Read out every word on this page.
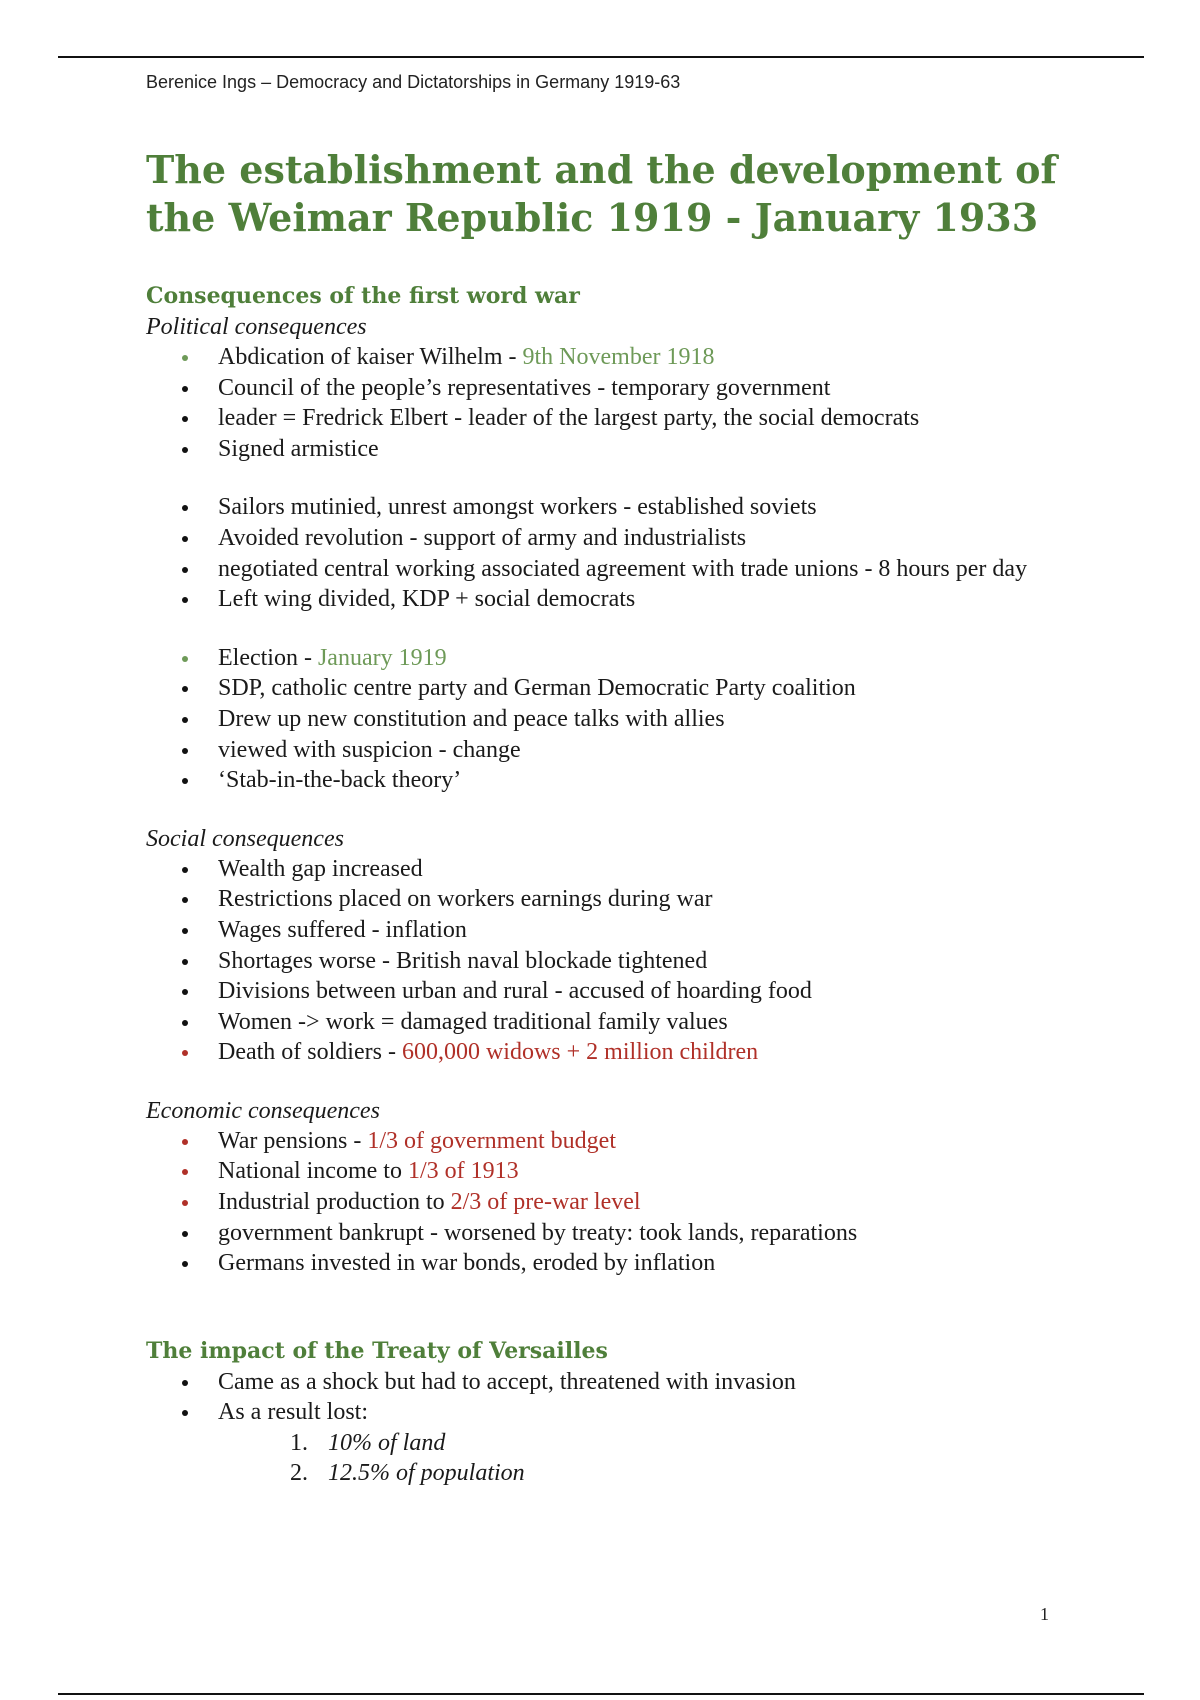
Berenice Ings – Democracy and Dictatorships in Germany 1919-63
The establishment and the development of the Weimar Republic 1919 - January 1933
Consequences of the first word war
Political consequences
Abdication of kaiser Wilhelm - 9th November 1918
Council of the people’s representatives - temporary government
leader = Fredrick Elbert - leader of the largest party, the social democrats
Signed armistice
Sailors mutinied, unrest amongst workers - established soviets
Avoided revolution - support of army and industrialists
negotiated central working associated agreement with trade unions - 8 hours per day
Left wing divided, KDP + social democrats
Election - January 1919
SDP, catholic centre party and German Democratic Party coalition
Drew up new constitution and peace talks with allies
viewed with suspicion - change
‘Stab-in-the-back theory’
Social consequences
Wealth gap increased
Restrictions placed on workers earnings during war
Wages suffered - inflation
Shortages worse - British naval blockade tightened
Divisions between urban and rural - accused of hoarding food
Women -> work = damaged traditional family values
Death of soldiers - 600,000 widows + 2 million children
Economic consequences
War pensions - 1/3 of government budget
National income to 1/3 of 1913
Industrial production to 2/3 of pre-war level
government bankrupt - worsened by treaty: took lands, reparations
Germans invested in war bonds, eroded by inflation
The impact of the Treaty of Versailles
Came as a shock but had to accept, threatened with invasion
As a result lost:
1. 10% of land
2. 12.5% of population
1
